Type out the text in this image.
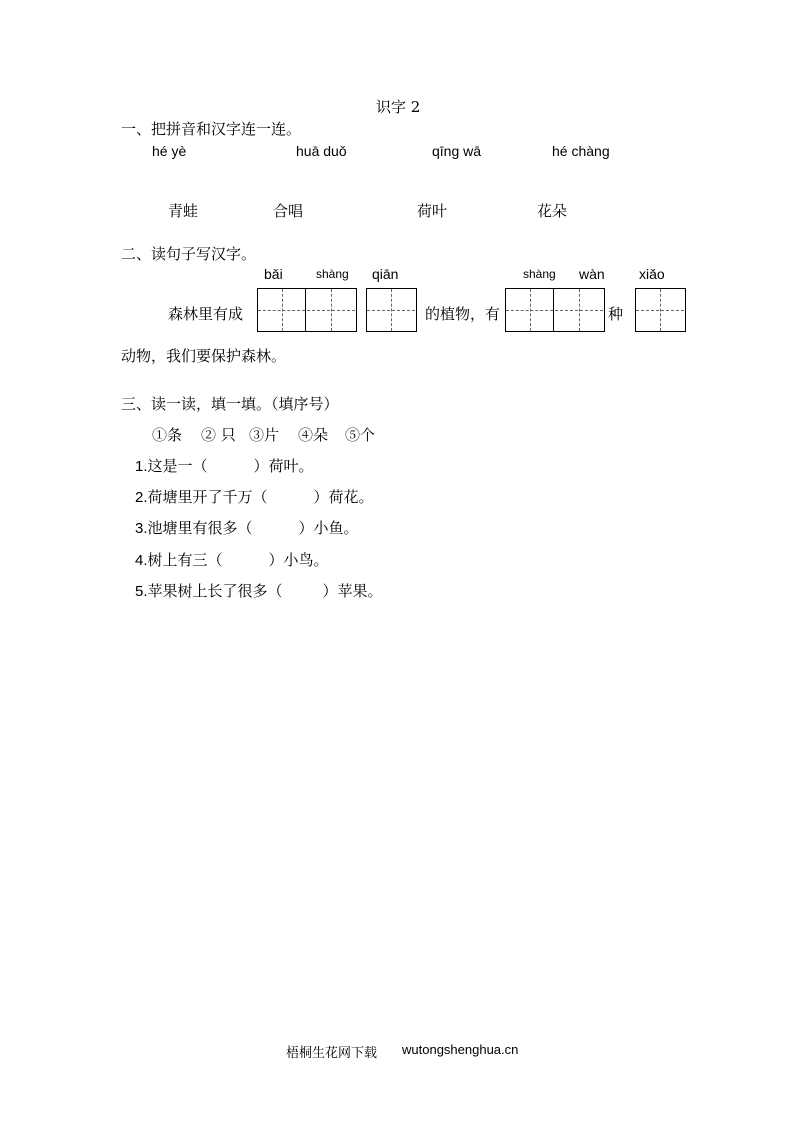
识字 2
一、把拼音和汉字连一连。
hé yè	huā duǒ	qīng wā	hé chàng
青蛙	合唱	荷叶	花朵
二、读句子写汉字。
bǎi	shàng qiān	shàng wàn xiǎo
森林里有成	的植物，有	种
动物，我们要保护森林。
三、读一读，填一填。（填序号）
①条 ② 只 ③片 ④朵 ⑤个
1.这是一（	）荷叶。
2.荷塘里开了千万（	）荷花。
3.池塘里有很多（	）小鱼。
4.树上有三（	）小鸟。
5.苹果树上长了很多（	）苹果。
梧桐生花网下载 wutongshenghua.cn
